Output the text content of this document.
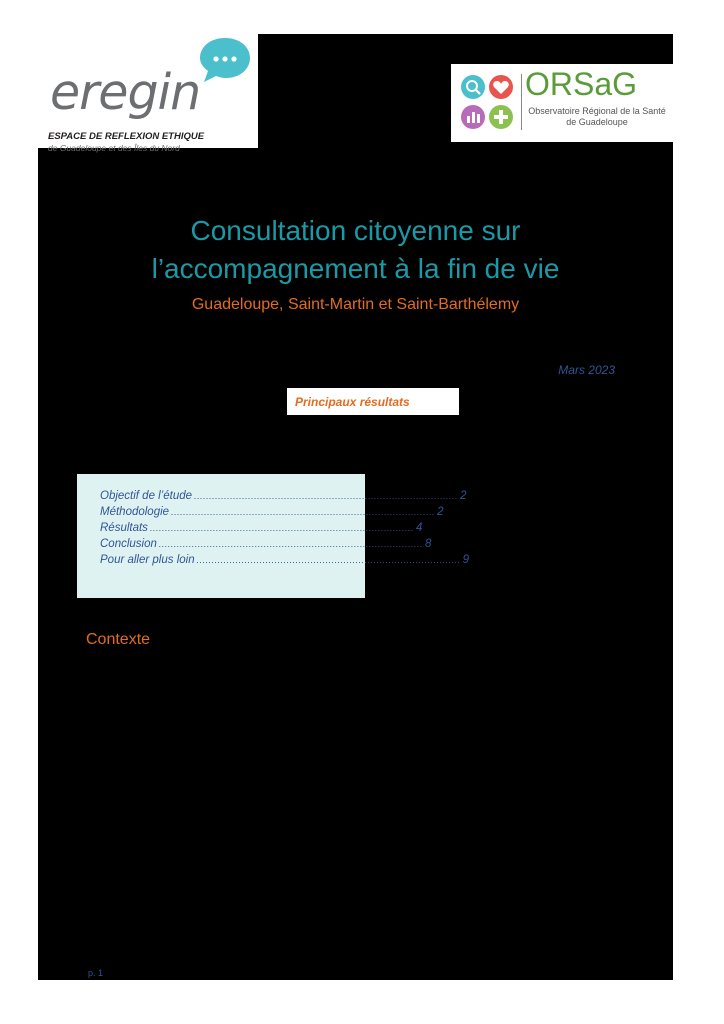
eregin
ESPACE DE REFLEXION ETHIQUE
de Guadeloupe et des Îles du Nord
ORSaG
Observatoire Régional de la Santé
de Guadeloupe
Consultation citoyenne sur
l’accompagnement à la fin de vie
Guadeloupe, Saint-Martin et Saint-Barthélemy
Mars 2023
Principaux résultats
Objectif de l’étude ........................................................................................ 2
Méthodologie ........................................................................................ 2
Résultats ........................................................................................ 4
Conclusion ........................................................................................ 8
Pour aller plus loin ........................................................................................ 9
Contexte
p. 1
